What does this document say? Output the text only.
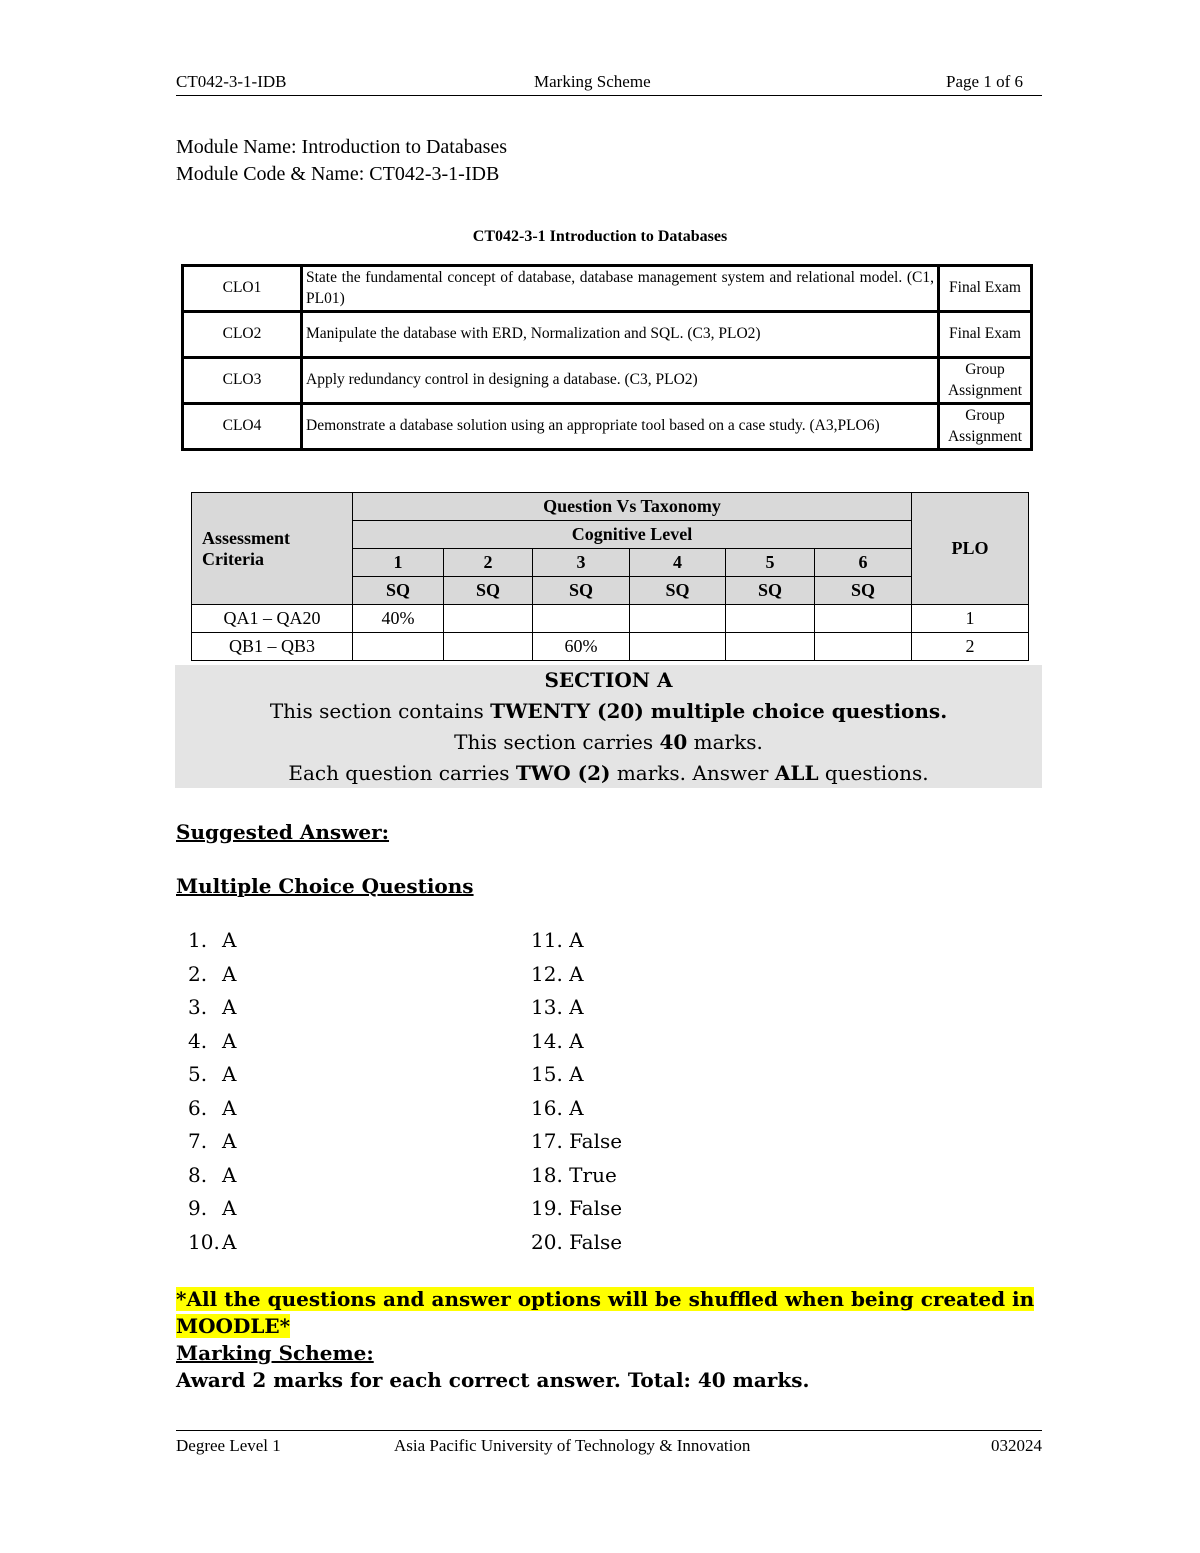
CT042-3-1-IDB	Marking Scheme	Page 1 of 6
Module Name: Introduction to Databases
Module Code & Name: CT042-3-1-IDB
CT042-3-1 Introduction to Databases
CLO1	State the fundamental concept of database, database management system and relational model. (C1, PL01)	Final Exam
CLO2	Manipulate the database with ERD, Normalization and SQL. (C3, PLO2)	Final Exam
CLO3	Apply redundancy control in designing a database. (C3, PLO2)	Group Assignment
CLO4	Demonstrate a database solution using an appropriate tool based on a case study. (A3,PLO6)	Group Assignment
Assessment Criteria	Question Vs Taxonomy						PLO
	Cognitive Level						
	1	2	3	4	5	6	
	SQ	SQ	SQ	SQ	SQ	SQ	
QA1 – QA20	40%						1
QB1 – QB3			60%				2
SECTION A
This section contains TWENTY (20) multiple choice questions.
This section carries 40 marks.
Each question carries TWO (2) marks. Answer ALL questions.
Suggested Answer:
Multiple Choice Questions
1. A
2. A
3. A
4. A
5. A
6. A
7. A
8. A
9. A
10. A
11. A
12. A
13. A
14. A
15. A
16. A
17. False
18. True
19. False
20. False
*All the questions and answer options will be shuffled when being created in
MOODLE*
Marking Scheme:
Award 2 marks for each correct answer. Total: 40 marks.
Degree Level 1	Asia Pacific University of Technology & Innovation	032024
